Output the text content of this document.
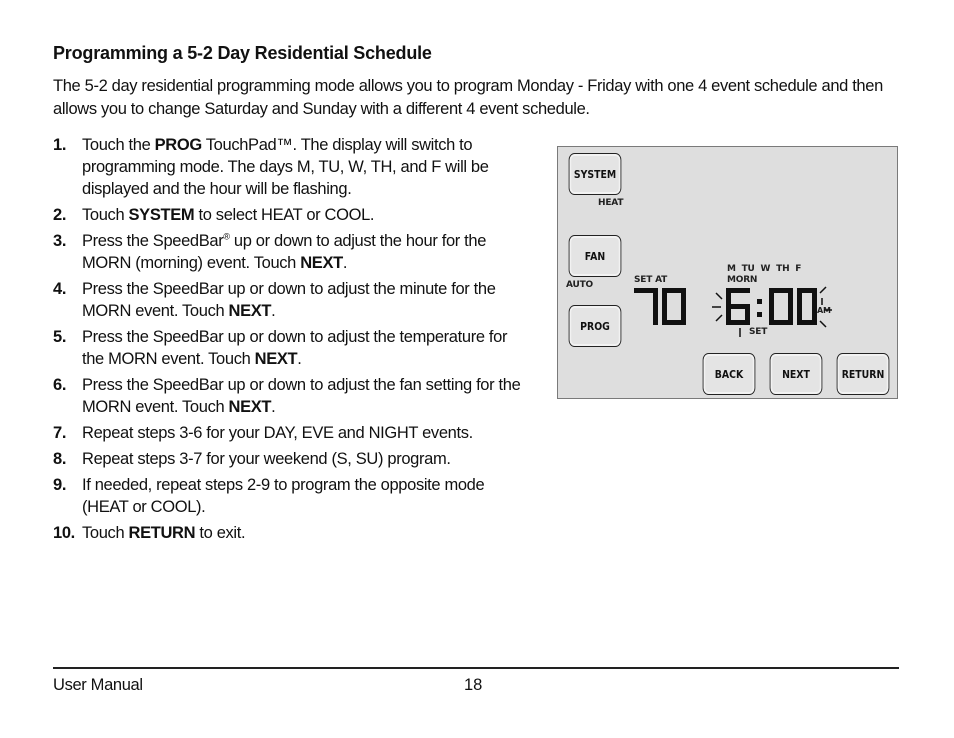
Programming a 5-2 Day Residential Schedule
The 5-2 day residential programming mode allows you to program Monday - Friday with one 4 event schedule and then allows you to change Saturday and Sunday with a different 4 event schedule.
1. Touch the PROG TouchPad™. The display will switch to programming mode. The days M, TU, W, TH, and F will be displayed and the hour will be flashing.
2. Touch SYSTEM to select HEAT or COOL.
3. Press the SpeedBar® up or down to adjust the hour for the MORN (morning) event. Touch NEXT.
4. Press the SpeedBar up or down to adjust the minute for the MORN event. Touch NEXT.
5. Press the SpeedBar up or down to adjust the temperature for the MORN event. Touch NEXT.
6. Press the SpeedBar up or down to adjust the fan setting for the MORN event. Touch NEXT.
7. Repeat steps 3-6 for your DAY, EVE and NIGHT events.
8. Repeat steps 3-7 for your weekend (S, SU) program.
9. If needed, repeat steps 2-9 to program the opposite mode (HEAT or COOL).
10. Touch RETURN to exit.
SYSTEM
HEAT
FAN
AUTO
PROG
BACK	NEXT	RETURN
SET AT
M  TU  W  TH  F
MORN
AM
SET
User Manual	18
